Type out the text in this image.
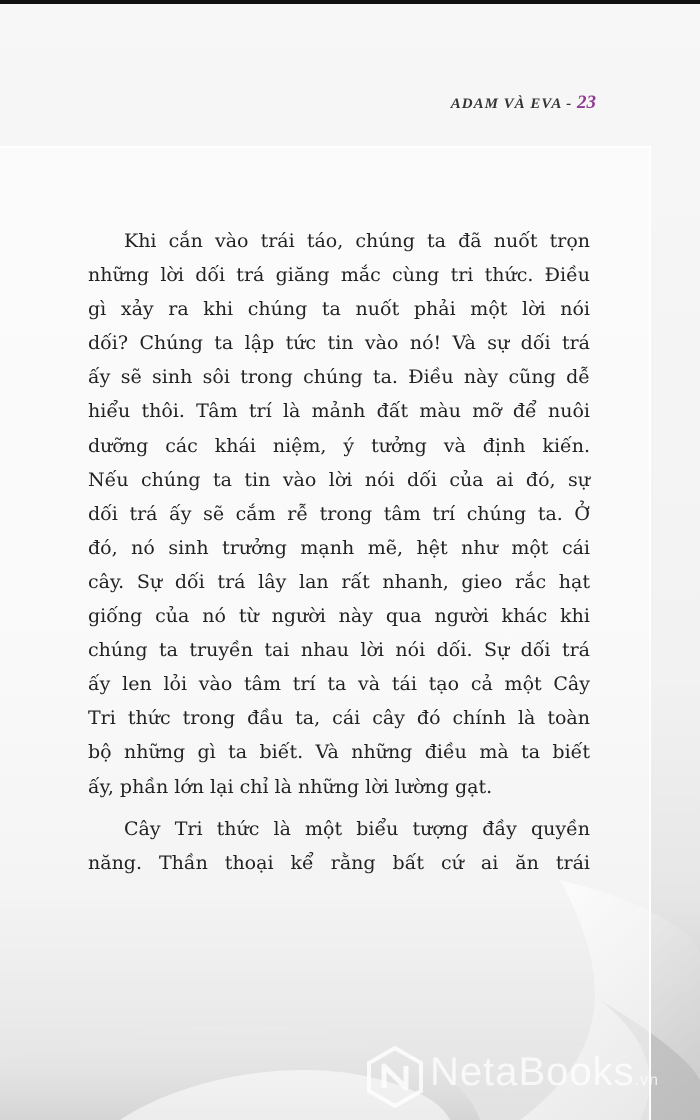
ADAM VÀ EVA - 23
Khi cắn vào trái táo, chúng ta đã nuốt trọn
những lời dối trá giăng mắc cùng tri thức. Điều
gì xảy ra khi chúng ta nuốt phải một lời nói
dối? Chúng ta lập tức tin vào nó! Và sự dối trá
ấy sẽ sinh sôi trong chúng ta. Điều này cũng dễ
hiểu thôi. Tâm trí là mảnh đất màu mỡ để nuôi
dưỡng các khái niệm, ý tưởng và định kiến.
Nếu chúng ta tin vào lời nói dối của ai đó, sự
dối trá ấy sẽ cắm rễ trong tâm trí chúng ta. Ở
đó, nó sinh trưởng mạnh mẽ, hệt như một cái
cây. Sự dối trá lây lan rất nhanh, gieo rắc hạt
giống của nó từ người này qua người khác khi
chúng ta truyền tai nhau lời nói dối. Sự dối trá
ấy len lỏi vào tâm trí ta và tái tạo cả một Cây
Tri thức trong đầu ta, cái cây đó chính là toàn
bộ những gì ta biết. Và những điều mà ta biết
ấy, phần lớn lại chỉ là những lời lường gạt.
Cây Tri thức là một biểu tượng đầy quyền
năng. Thần thoại kể rằng bất cứ ai ăn trái
NetaBooks.vn
